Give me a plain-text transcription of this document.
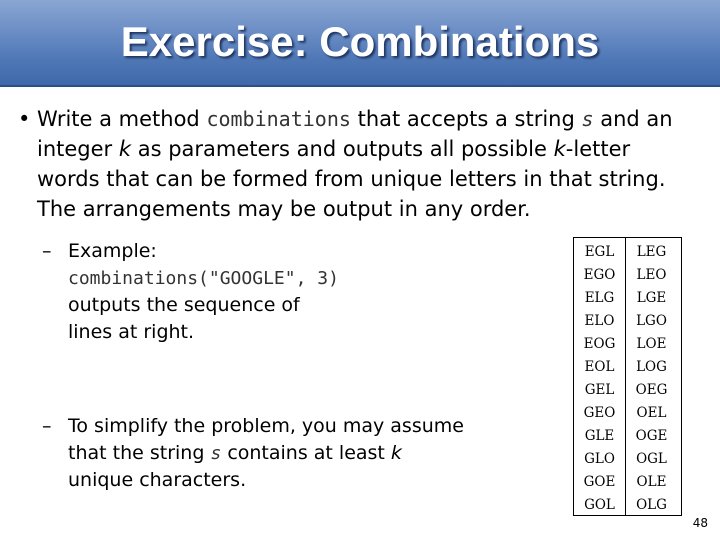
Exercise: Combinations
• Write a method combinations that accepts a string s and an
integer k as parameters and outputs all possible k-letter
words that can be formed from unique letters in that string.
The arrangements may be output in any order.
– Example:
combinations("GOOGLE", 3)
outputs the sequence of
lines at right.
– To simplify the problem, you may assume
that the string s contains at least k
unique characters.
EGL
EGO
ELG
ELO
EOG
EOL
GEL
GEO
GLE
GLO
GOE
GOL
LEG
LEO
LGE
LGO
LOE
LOG
OEG
OEL
OGE
OGL
OLE
OLG
48
